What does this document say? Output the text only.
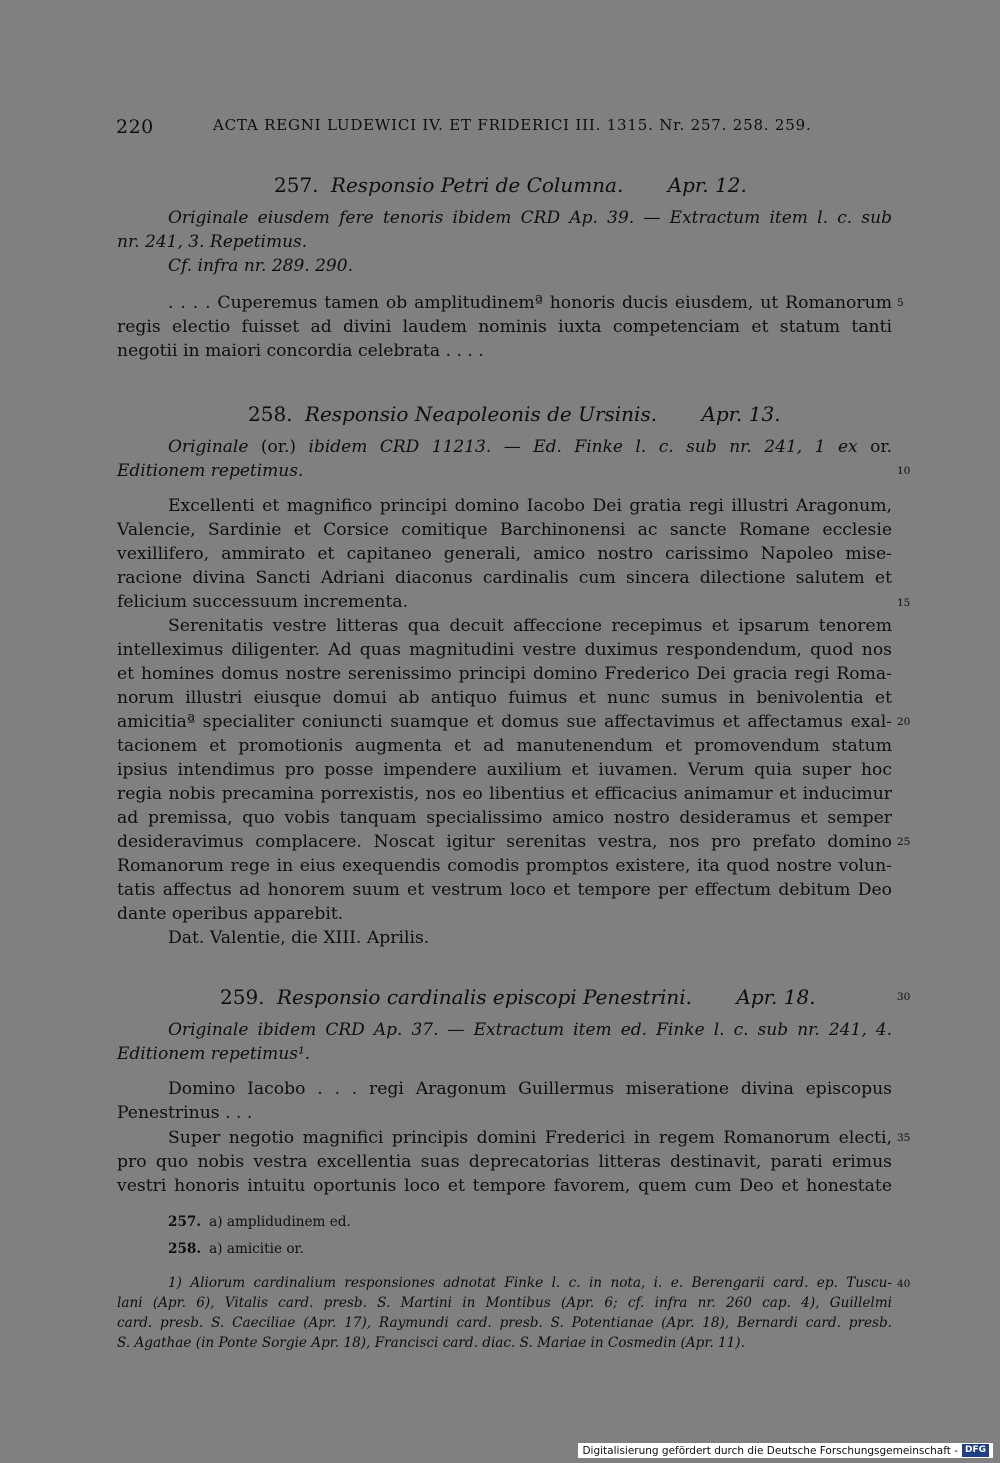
220	ACTA REGNI LUDEWICI IV. ET FRIDERICI III. 1315. Nr. 257. 258. 259.
257. Responsio Petri de Columna. Apr. 12.
Originale eiusdem fere tenoris ibidem CRD Ap. 39. — Extractum item l. c. sub
nr. 241, 3. Repetimus.
Cf. infra nr. 289. 290.
. . . . Cuperemus tamen ob amplitudinemª honoris ducis eiusdem, ut Romanorum
regis electio fuisset ad divini laudem nominis iuxta competenciam et statum tanti
negotii in maiori concordia celebrata . . . .
258. Responsio Neapoleonis de Ursinis. Apr. 13.
Originale (or.) ibidem CRD 11213. — Ed. Finke l. c. sub nr. 241, 1 ex or.
Editionem repetimus.
Excellenti et magnifico principi domino Iacobo Dei gratia regi illustri Aragonum,
Valencie, Sardinie et Corsice comitique Barchinonensi ac sancte Romane ecclesie
vexillifero, ammirato et capitaneo generali, amico nostro carissimo Napoleo mise-
racione divina Sancti Adriani diaconus cardinalis cum sincera dilectione salutem et
felicium successuum incrementa.
Serenitatis vestre litteras qua decuit affeccione recepimus et ipsarum tenorem
intelleximus diligenter. Ad quas magnitudini vestre duximus respondendum, quod nos
et homines domus nostre serenissimo principi domino Frederico Dei gracia regi Roma-
norum illustri eiusque domui ab antiquo fuimus et nunc sumus in benivolentia et
amicitiaª specialiter coniuncti suamque et domus sue affectavimus et affectamus exal-
tacionem et promotionis augmenta et ad manutenendum et promovendum statum
ipsius intendimus pro posse impendere auxilium et iuvamen. Verum quia super hoc
regia nobis precamina porrexistis, nos eo libentius et efficacius animamur et inducimur
ad premissa, quo vobis tanquam specialissimo amico nostro desideramus et semper
desideravimus complacere. Noscat igitur serenitas vestra, nos pro prefato domino
Romanorum rege in eius exequendis comodis promptos existere, ita quod nostre volun-
tatis affectus ad honorem suum et vestrum loco et tempore per effectum debitum Deo
dante operibus apparebit.
Dat. Valentie, die XIII. Aprilis.
259. Responsio cardinalis episcopi Penestrini. Apr. 18.
Originale ibidem CRD Ap. 37. — Extractum item ed. Finke l. c. sub nr. 241, 4.
Editionem repetimus¹.
Domino Iacobo . . . regi Aragonum Guillermus miseratione divina episcopus
Penestrinus . . .
Super negotio magnifici principis domini Frederici in regem Romanorum electi,
pro quo nobis vestra excellentia suas deprecatorias litteras destinavit, parati erimus
vestri honoris intuitu oportunis loco et tempore favorem, quem cum Deo et honestate
5
10
15
20
25
30
35
40
257. a) amplidudinem ed.
258. a) amicitie or.
1) Aliorum cardinalium responsiones adnotat Finke l. c. in nota, i. e. Berengarii card. ep. Tuscu-
lani (Apr. 6), Vitalis card. presb. S. Martini in Montibus (Apr. 6; cf. infra nr. 260 cap. 4), Guillelmi
card. presb. S. Caeciliae (Apr. 17), Raymundi card. presb. S. Potentianae (Apr. 18), Bernardi card. presb.
S. Agathae (in Ponte Sorgie Apr. 18), Francisci card. diac. S. Mariae in Cosmedin (Apr. 11).
Digitalisierung gefördert durch die Deutsche Forschungsgemeinschaft - DFG
